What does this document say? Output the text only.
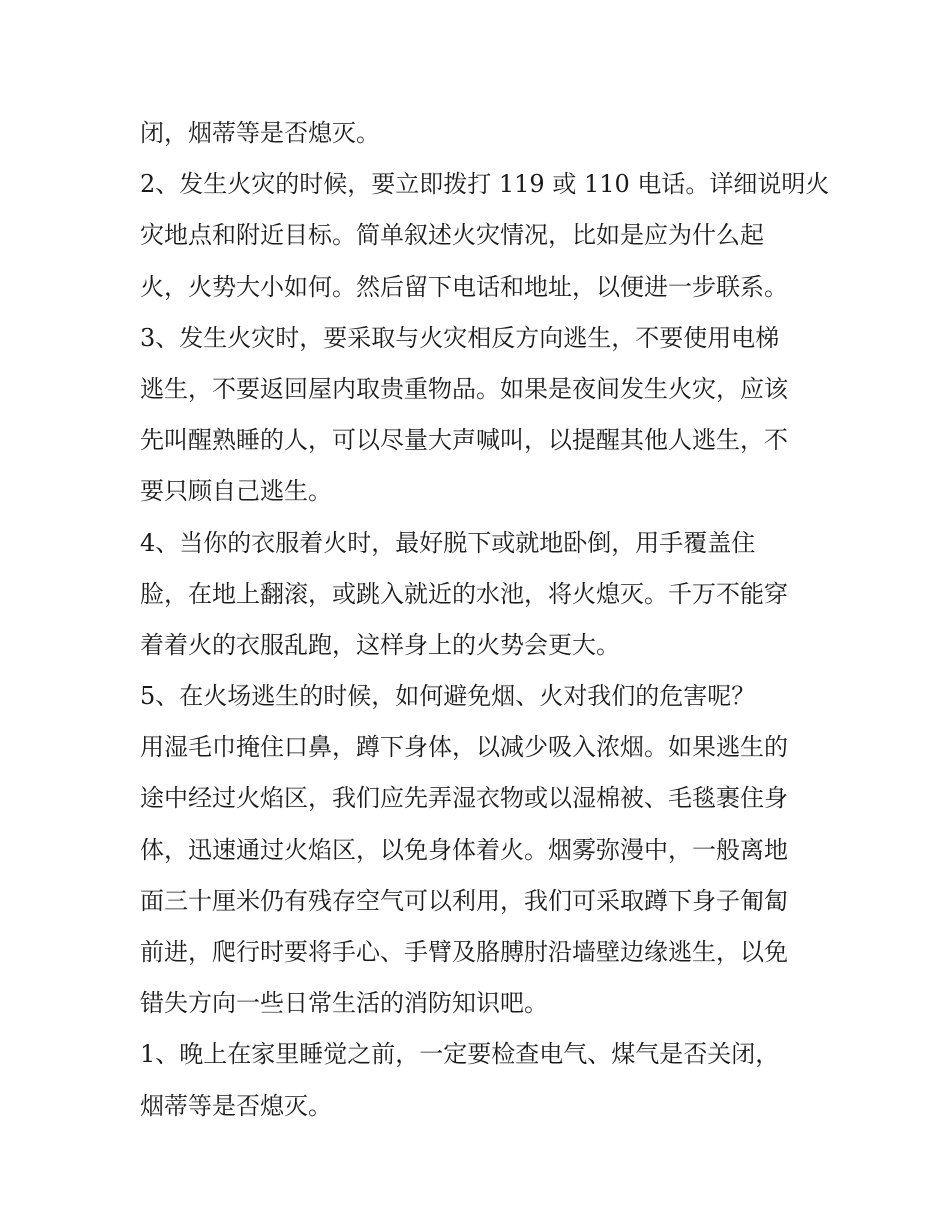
闭，烟蒂等是否熄灭。
2、发生火灾的时候，要立即拨打 119 或 110 电话。详细说明火
灾地点和附近目标。简单叙述火灾情况，比如是应为什么起
火，火势大小如何。然后留下电话和地址，以便进一步联系。
3、发生火灾时，要采取与火灾相反方向逃生，不要使用电梯
逃生，不要返回屋内取贵重物品。如果是夜间发生火灾，应该
先叫醒熟睡的人，可以尽量大声喊叫，以提醒其他人逃生，不
要只顾自己逃生。
4、当你的衣服着火时，最好脱下或就地卧倒，用手覆盖住
脸，在地上翻滚，或跳入就近的水池，将火熄灭。千万不能穿
着着火的衣服乱跑，这样身上的火势会更大。
5、在火场逃生的时候，如何避免烟、火对我们的危害呢？
用湿毛巾掩住口鼻，蹲下身体，以减少吸入浓烟。如果逃生的
途中经过火焰区，我们应先弄湿衣物或以湿棉被、毛毯裹住身
体，迅速通过火焰区，以免身体着火。烟雾弥漫中，一般离地
面三十厘米仍有残存空气可以利用，我们可采取蹲下身子匍匐
前进，爬行时要将手心、手臂及胳膊肘沿墙壁边缘逃生，以免
错失方向一些日常生活的消防知识吧。
1、晚上在家里睡觉之前，一定要检查电气、煤气是否关闭，
烟蒂等是否熄灭。
